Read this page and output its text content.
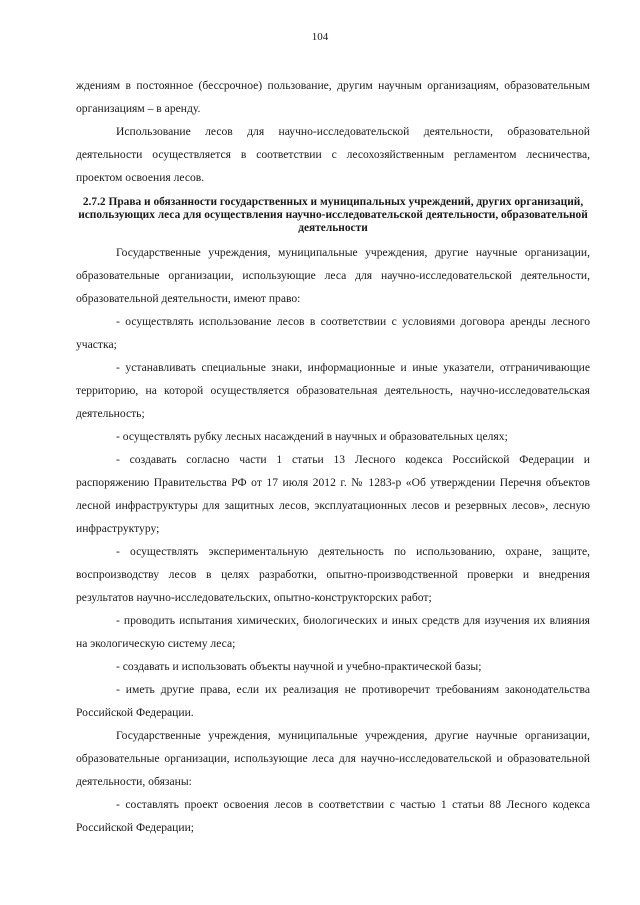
104

ждениям в постоянное (бессрочное) пользование, другим научным организациям, образовательным организациям – в аренду.

Использование лесов для научно-исследовательской деятельности, образовательной деятельности осуществляется в соответствии с лесохозяйственным регламентом лесничества, проектом освоения лесов.

2.7.2 Права и обязанности государственных и муниципальных учреждений, других организаций, использующих леса для осуществления научно-исследовательской деятельности, образовательной деятельности

Государственные учреждения, муниципальные учреждения, другие научные организации, образовательные организации, использующие леса для научно-исследовательской деятельности, образовательной деятельности, имеют право:

- осуществлять использование лесов в соответствии с условиями договора аренды лесного участка;

- устанавливать специальные знаки, информационные и иные указатели, отграничивающие территорию, на которой осуществляется образовательная деятельность, научно-исследовательская деятельность;

- осуществлять рубку лесных насаждений в научных и образовательных целях;

- создавать согласно части 1 статьи 13 Лесного кодекса Российской Федерации и распоряжению Правительства РФ от 17 июля 2012 г. № 1283-р «Об утверждении Перечня объектов лесной инфраструктуры для защитных лесов, эксплуатационных лесов и резервных лесов», лесную инфраструктуру;

- осуществлять экспериментальную деятельность по использованию, охране, защите, воспроизводству лесов в целях разработки, опытно-производственной проверки и внедрения результатов научно-исследовательских, опытно-конструкторских работ;

- проводить испытания химических, биологических и иных средств для изучения их влияния на экологическую систему леса;

- создавать и использовать объекты научной и учебно-практической базы;

- иметь другие права, если их реализация не противоречит требованиям законодательства Российской Федерации.

Государственные учреждения, муниципальные учреждения, другие научные организации, образовательные организации, использующие леса для научно-исследовательской и образовательной деятельности, обязаны:

- составлять проект освоения лесов в соответствии с частью 1 статьи 88 Лесного кодекса Российской Федерации;
